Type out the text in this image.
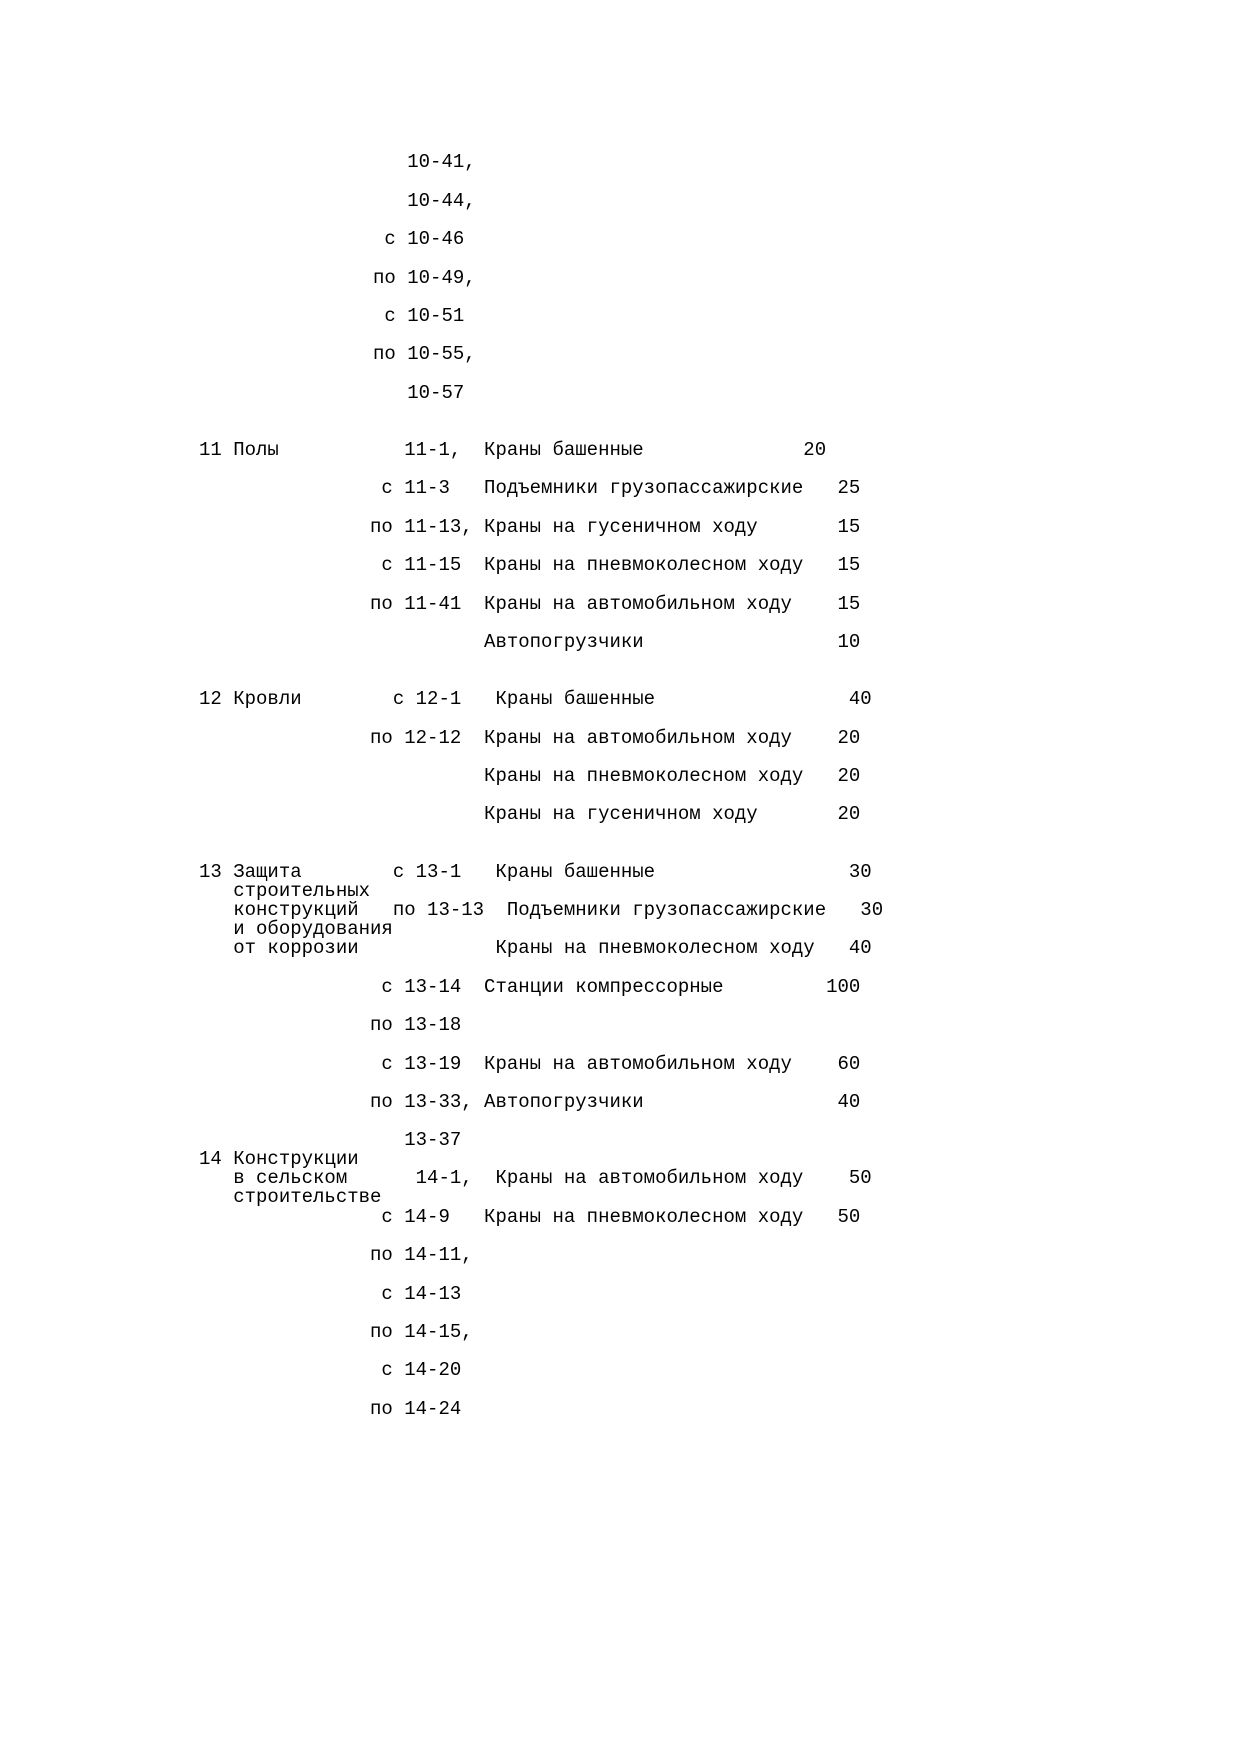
10-41,
10-44,
с 10-46
по 10-49,
с 10-51
по 10-55,
10-57
11 Полы           11-1,  Краны башенные              20
с 11-3   Подъемники грузопассажирские   25
по 11-13, Краны на гусеничном ходу       15
с 11-15  Краны на пневмоколесном ходу   15
по 11-41  Краны на автомобильном ходу    15
Автопогрузчики                 10
12 Кровли        с 12-1   Краны башенные                 40
по 12-12  Краны на автомобильном ходу    20
Краны на пневмоколесном ходу   20
Краны на гусеничном ходу       20
13 Защита        с 13-1   Краны башенные                 30
строительных
конструкций   по 13-13  Подъемники грузопассажирские   30
и оборудования
от коррозии            Краны на пневмоколесном ходу   40
с 13-14  Станции компрессорные         100
по 13-18
с 13-19  Краны на автомобильном ходу    60
по 13-33, Автопогрузчики                 40
13-37
14 Конструкции
в сельском      14-1,  Краны на автомобильном ходу    50
строительстве
с 14-9   Краны на пневмоколесном ходу   50
по 14-11,
с 14-13
по 14-15,
с 14-20
по 14-24
